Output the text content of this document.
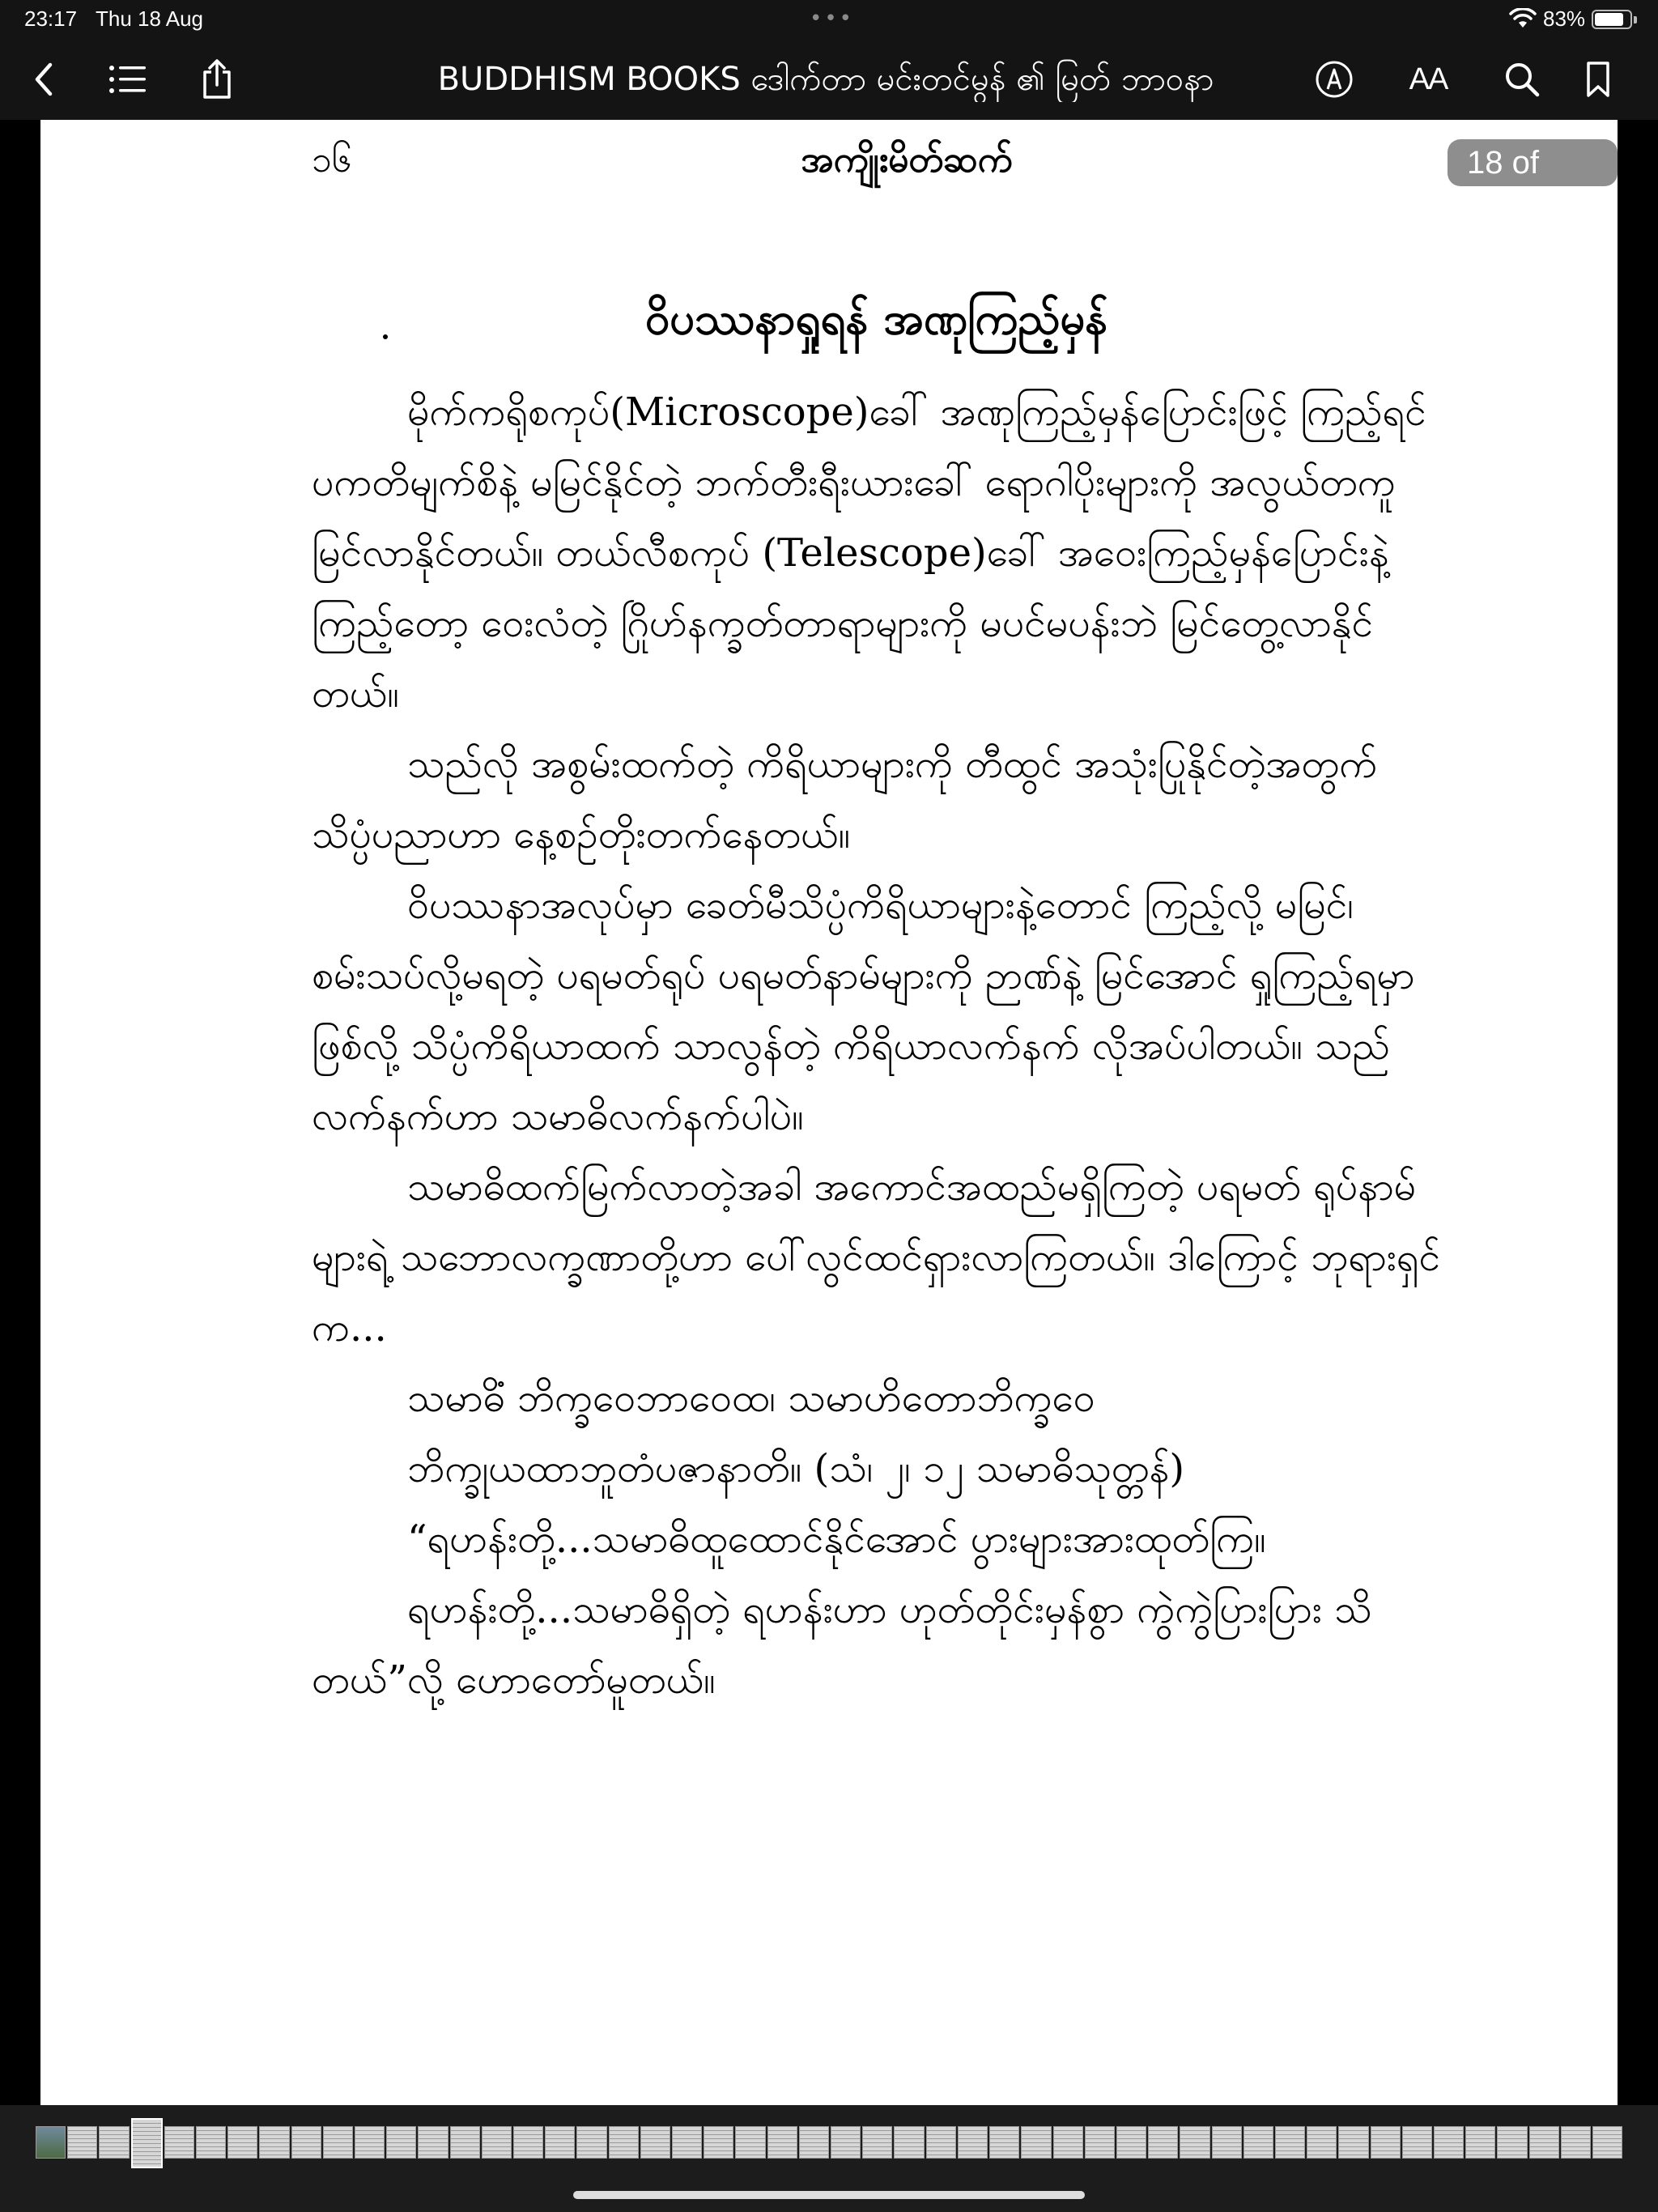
23:17 Thu 18 Aug	•••	83%
BUDDHISM BOOKS ဒေါက်တာ မင်းတင်မွန် ၏ မြတ် ဘာဝနာ	AA
၁၆	အကျိုးမိတ်ဆက်	18 of 250
ဝိပဿနာရှုရန် အဏုကြည့်မှန်

မိုက်ကရိုစကုပ်(Microscope)ခေါ် အဏုကြည့်မှန်ပြောင်းဖြင့် ကြည့်ရင် ပကတိမျက်စိနဲ့ မမြင်နိုင်တဲ့ ဘက်တီးရီးယားခေါ် ရောဂါပိုးများကို အလွယ်တကူ မြင်လာနိုင်တယ်။ တယ်လီစကုပ် (Telescope)ခေါ် အဝေးကြည့်မှန်ပြောင်းနဲ့ ကြည့်တော့ ဝေးလံတဲ့ ဂြိုဟ်နက္ခတ်တာရာများကို မပင်မပန်းဘဲ မြင်တွေ့လာနိုင်တယ်။

သည်လို အစွမ်းထက်တဲ့ ကိရိယာများကို တီထွင် အသုံးပြုနိုင်တဲ့အတွက် သိပ္ပံပညာဟာ နေ့စဉ်တိုးတက်နေတယ်။

ဝိပဿနာအလုပ်မှာ ခေတ်မီသိပ္ပံကိရိယာများနဲ့တောင် ကြည့်လို့ မမြင်၊ စမ်းသပ်လို့မရတဲ့ ပရမတ်ရုပ် ပရမတ်နာမ်များကို ဉာဏ်နဲ့ မြင်အောင် ရှုကြည့်ရမှာဖြစ်လို့ သိပ္ပံကိရိယာထက် သာလွန်တဲ့ ကိရိယာလက်နက် လိုအပ်ပါတယ်။ သည်လက်နက်ဟာ သမာဓိလက်နက်ပါပဲ။

သမာဓိထက်မြက်လာတဲ့အခါ အကောင်အထည်မရှိကြတဲ့ ပရမတ် ရုပ်နာမ်များရဲ့ သဘောလက္ခဏာတို့ဟာ ပေါ်လွင်ထင်ရှားလာကြတယ်။ ဒါကြောင့် ဘုရားရှင်က...

သမာဓိံ ဘိက္ခဝေဘာဝေထ၊ သမာဟိတောဘိက္ခဝေ

ဘိက္ခုယထာဘူတံပဇာနာတိ။ (သံ၊ ၂၊ ၁၂ သမာဓိသုတ္တန်)

“ရဟန်းတို့...သမာဓိထူထောင်နိုင်အောင် ပွားများအားထုတ်ကြ။

ရဟန်းတို့...သမာဓိရှိတဲ့ ရဟန်းဟာ ဟုတ်တိုင်းမှန်စွာ ကွဲကွဲပြားပြား သိတယ်”လို့ ဟောတော်မူတယ်။
